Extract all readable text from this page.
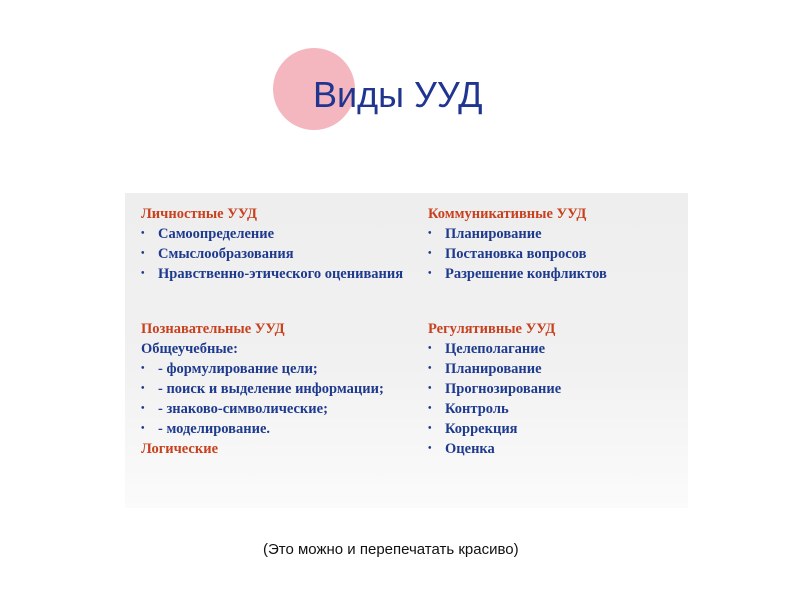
Виды УУД
Личностные УУД
• Самоопределение
• Смыслообразования
• Нравственно-этического оценивания
Коммуникативные УУД
• Планирование
• Постановка вопросов
• Разрешение конфликтов
Познавательные УУД
Общеучебные:
• - формулирование цели;
• - поиск и выделение информации;
• - знаково-символические;
• - моделирование.
Логические
Регулятивные УУД
• Целеполагание
• Планирование
• Прогнозирование
• Контроль
• Коррекция
• Оценка
(Это можно и перепечатать красиво)
